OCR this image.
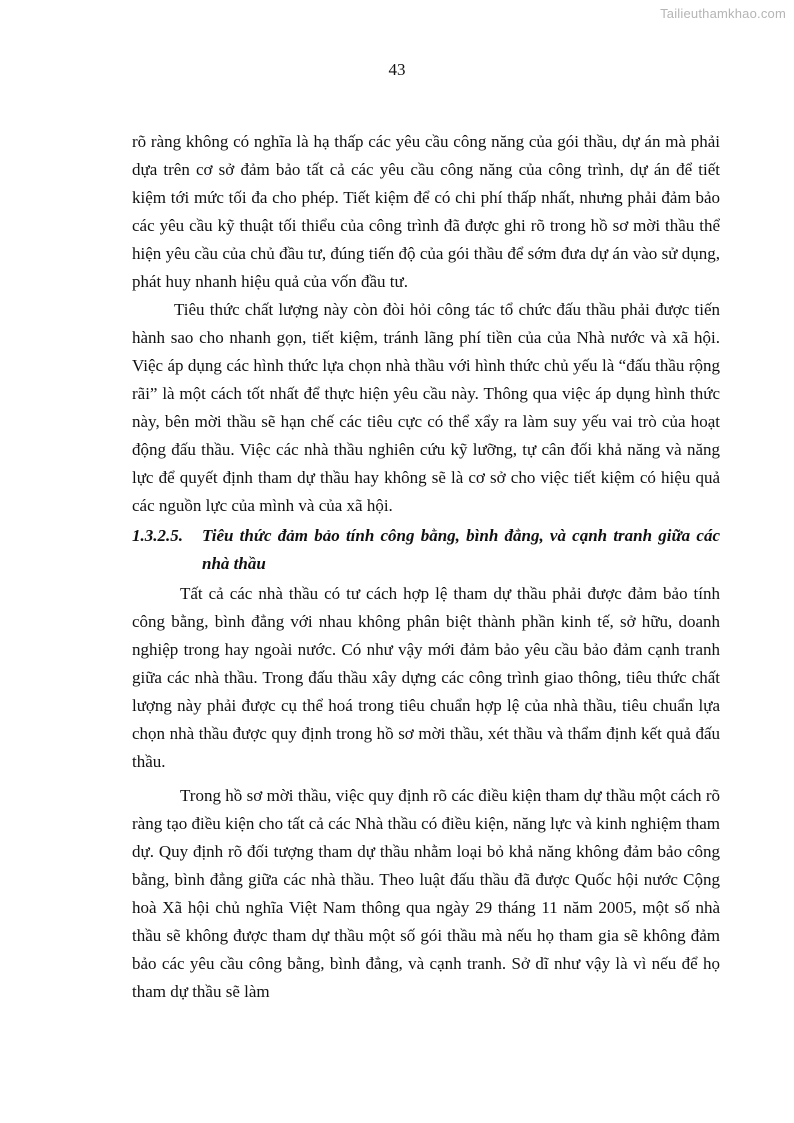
Tailieuthamkhao.com
43

rõ ràng không có nghĩa là hạ thấp các yêu cầu công năng của gói thầu, dự án mà phải dựa trên cơ sở đảm bảo tất cả các yêu cầu công năng của công trình, dự án để tiết kiệm tới mức tối đa cho phép. Tiết kiệm để có chi phí thấp nhất, nhưng phải đảm bảo các yêu cầu kỹ thuật tối thiểu của công trình đã được ghi rõ trong hồ sơ mời thầu thể hiện yêu cầu của chủ đầu tư, đúng tiến độ của gói thầu để sớm đưa dự án vào sử dụng, phát huy nhanh hiệu quả của vốn đầu tư.

Tiêu thức chất lượng này còn đòi hỏi công tác tổ chức đấu thầu phải được tiến hành sao cho nhanh gọn, tiết kiệm, tránh lãng phí tiền của của Nhà nước và xã hội. Việc áp dụng các hình thức lựa chọn nhà thầu với hình thức chủ yếu là “đấu thầu rộng rãi” là một cách tốt nhất để thực hiện yêu cầu này. Thông qua việc áp dụng hình thức này, bên mời thầu sẽ hạn chế các tiêu cực có thể xẩy ra làm suy yếu vai trò của hoạt động đấu thầu. Việc các nhà thầu nghiên cứu kỹ lưỡng, tự cân đối khả năng và năng lực để quyết định tham dự thầu hay không sẽ là cơ sở cho việc tiết kiệm có hiệu quả các nguồn lực của mình và của xã hội.

1.3.2.5.	Tiêu thức đảm bảo tính công bằng, bình đẳng, và cạnh tranh giữa các nhà thầu

Tất cả các nhà thầu có tư cách hợp lệ tham dự thầu phải được đảm bảo tính công bằng, bình đẳng với nhau không phân biệt thành phần kinh tế, sở hữu, doanh nghiệp trong hay ngoài nước. Có như vậy mới đảm bảo yêu cầu bảo đảm cạnh tranh giữa các nhà thầu. Trong đấu thầu xây dựng các công trình giao thông, tiêu thức chất lượng này phải được cụ thể hoá trong tiêu chuẩn hợp lệ của nhà thầu, tiêu chuẩn lựa chọn nhà thầu được quy định trong hồ sơ mời thầu, xét thầu và thẩm định kết quả đấu thầu.

Trong hồ sơ mời thầu, việc quy định rõ các điều kiện tham dự thầu một cách rõ ràng tạo điều kiện cho tất cả các Nhà thầu có điều kiện, năng lực và kinh nghiệm tham dự. Quy định rõ đối tượng tham dự thầu nhằm loại bỏ khả năng không đảm bảo công bằng, bình đẳng giữa các nhà thầu. Theo luật đấu thầu đã được Quốc hội nước Cộng hoà Xã hội chủ nghĩa Việt Nam thông qua ngày 29 tháng 11 năm 2005, một số nhà thầu sẽ không được tham dự thầu một số gói thầu mà nếu họ tham gia sẽ không đảm bảo các yêu cầu công bằng, bình đẳng, và cạnh tranh. Sở dĩ như vậy là vì nếu để họ tham dự thầu sẽ làm
